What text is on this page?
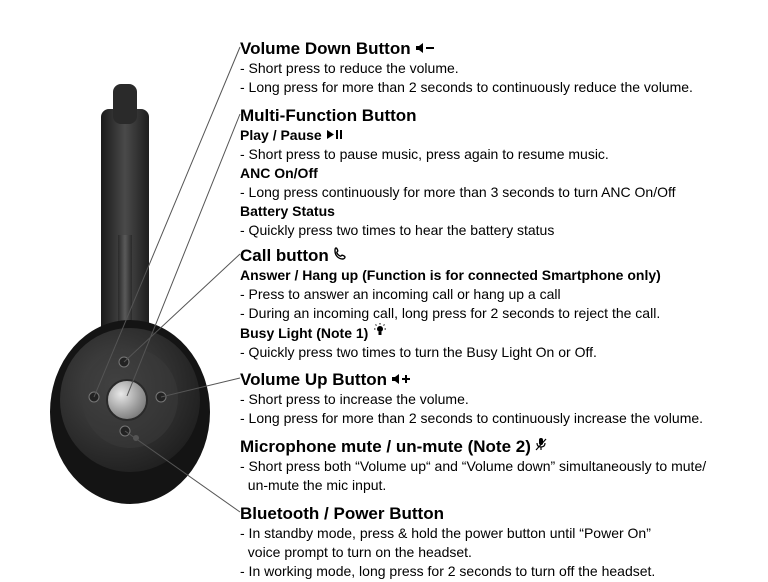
Volume Down Button
- Short press to reduce the volume.
- Long press for more than 2 seconds to continuously reduce the volume.
Multi-Function Button
Play / Pause
- Short press to pause music, press again to resume music.
ANC On/Off
- Long press continuously for more than 3 seconds to turn ANC On/Off
Battery Status
- Quickly press two times to hear the battery status
Call button
Answer / Hang up (Function is for connected Smartphone only)
- Press to answer an incoming call or hang up a call
- During an incoming call, long press for 2 seconds to reject the call.
Busy Light (Note 1)
- Quickly press two times to turn the Busy Light On or Off.
Volume Up Button
- Short press to increase the volume.
- Long press for more than 2 seconds to continuously increase the volume.
Microphone mute / un-mute (Note 2)
- Short press both “Volume up“ and “Volume down” simultaneously to mute/
un-mute the mic input.
Bluetooth / Power Button
- In standby mode, press & hold the power button until “Power On”
voice prompt to turn on the headset.
- In working mode, long press for 2 seconds to turn off the headset.
